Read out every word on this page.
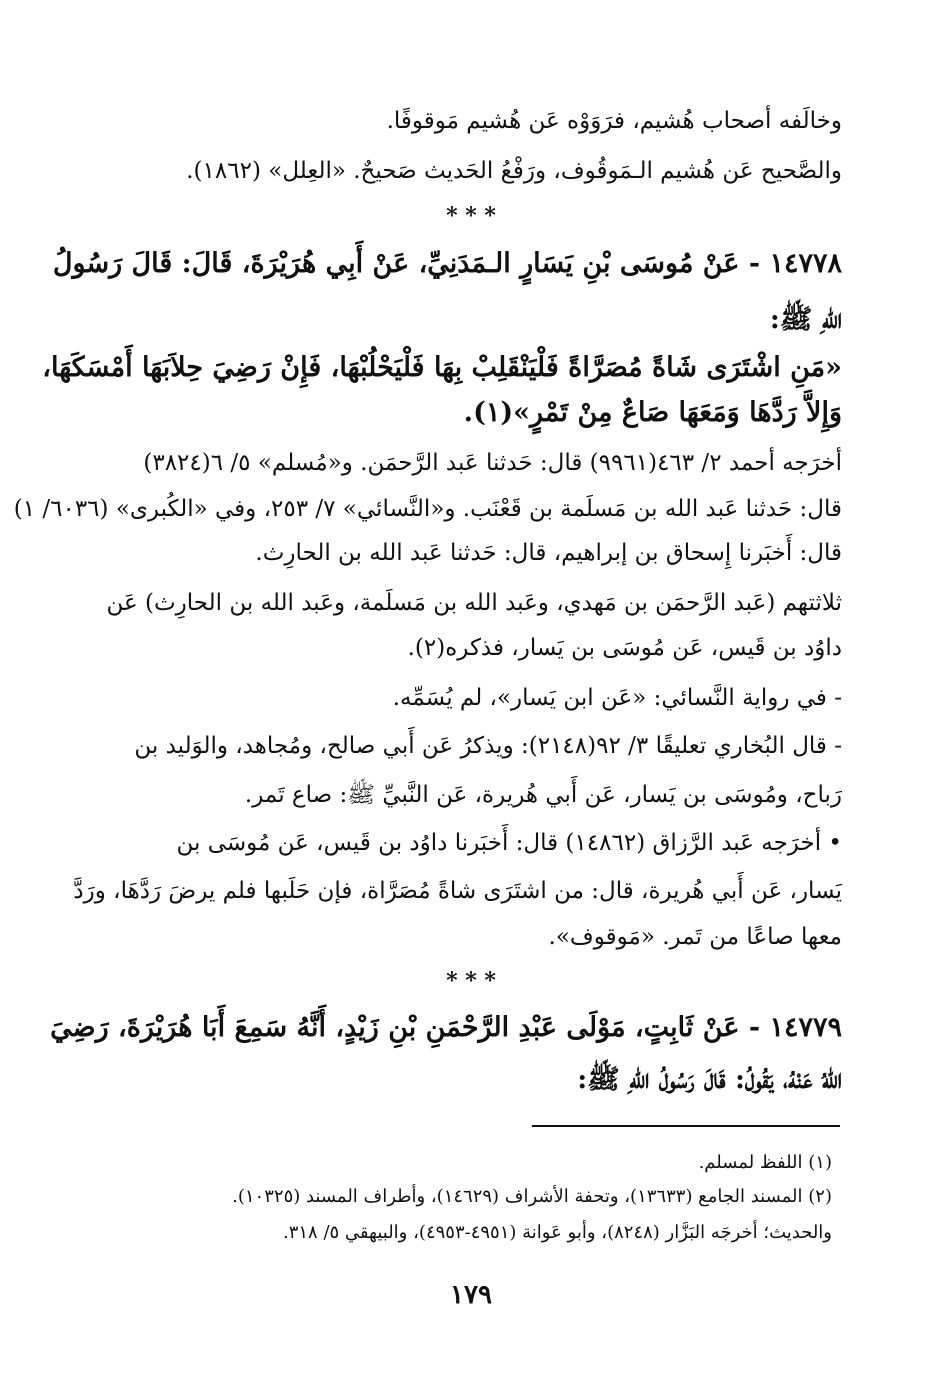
وخالَفه أصحاب هُشيم، فرَوَوْه عَن هُشيم مَوقوفًا.
والصَّحيح عَن هُشيم الـمَوقُوف، ورَفْعُ الحَديث صَحيحٌ. «العِلل» (١٨٦٢).
* * *
١٤٧٧٨ - عَنْ مُوسَى بْنِ يَسَارٍ الـمَدَنِيِّ، عَنْ أَبِي هُرَيْرَةَ، قَالَ: قَالَ رَسُولُ
اللهِ ﷺ:
«مَنِ اشْتَرَى شَاةً مُصَرَّاةً فَلْيَنْقَلِبْ بِهَا فَلْيَحْلُبْهَا، فَإِنْ رَضِيَ حِلاَبَهَا أَمْسَكَهَا،
وَإِلاَّ رَدَّهَا وَمَعَهَا صَاعٌ مِنْ تَمْرٍ»(١).
أخرَجه أحمد ٢/ ٤٦٣(٩٩٦١) قال: حَدثنا عَبد الرَّحمَن. و«مُسلم» ٥/ ٦(٣٨٢٤)
قال: حَدثنا عَبد الله بن مَسلَمة بن قَعْنَب. و«النَّسائي» ٧/ ٢٥٣، وفي «الكُبرى» (٦٠٣٦/ ١)
قال: أَخبَرنا إِسحاق بن إبراهيم، قال: حَدثنا عَبد الله بن الحارِث.
ثلاثتهم (عَبد الرَّحمَن بن مَهدي، وعَبد الله بن مَسلَمة، وعَبد الله بن الحارِث) عَن
داوُد بن قَيس، عَن مُوسَى بن يَسار، فذكره(٢).
- في رواية النَّسائي: «عَن ابن يَسار»، لم يُسَمِّه.
- قال البُخاري تعليقًا ٣/ ٩٢(٢١٤٨): ويذكرُ عَن أَبي صالح، ومُجاهد، والوَليد بن
رَباح، ومُوسَى بن يَسار، عَن أَبي هُريرة، عَن النَّبيِّ ﷺ: صاع تَمر.
• أخرَجه عَبد الرَّزاق (١٤٨٦٢) قال: أَخبَرنا داوُد بن قَيس، عَن مُوسَى بن
يَسار، عَن أَبي هُريرة، قال: من اشتَرَى شاةً مُصَرَّاة، فإن حَلَبها فلم يرضَ رَدَّهَا، ورَدَّ
معها صاعًا من تَمر. «مَوقوف».
* * *
١٤٧٧٩ - عَنْ ثَابِتٍ، مَوْلَى عَبْدِ الرَّحْمَنِ بْنِ زَيْدٍ، أَنَّهُ سَمِعَ أَبَا هُرَيْرَةَ، رَضِيَ
اللهُ عَنْهُ، يَقُولُ: قَالَ رَسُولُ اللهِ ﷺ:
(١) اللفظ لمسلم.
(٢) المسند الجامع (١٣٦٣٣)، وتحفة الأشراف (١٤٦٢٩)، وأطراف المسند (١٠٣٢٥).
والحديث؛ أخرجَه البَزَّار (٨٢٤٨)، وأبو عَوانة (٤٩٥١-٤٩٥٣)، والبيهقي ٥/ ٣١٨.
١٧٩
